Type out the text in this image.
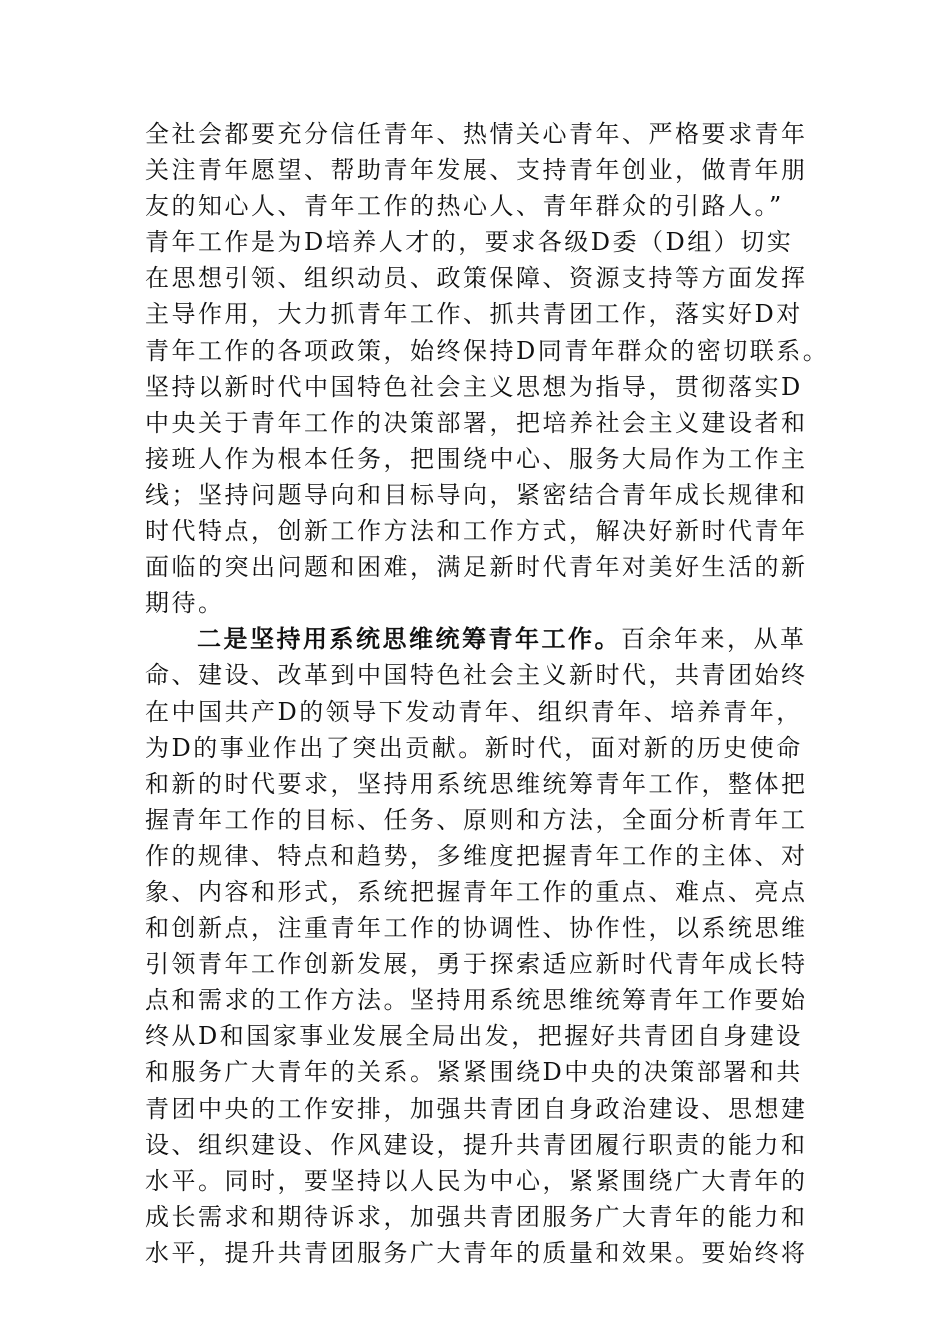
全社会都要充分信任青年、热情关心青年、严格要求青年
关注青年愿望、帮助青年发展、支持青年创业，做青年朋
友的知心人、青年工作的热心人、青年群众的引路人。”
青年工作是为D培养人才的，要求各级D委（D组）切实
在思想引领、组织动员、政策保障、资源支持等方面发挥
主导作用，大力抓青年工作、抓共青团工作，落实好D对
青年工作的各项政策，始终保持D同青年群众的密切联系。
坚持以新时代中国特色社会主义思想为指导，贯彻落实D
中央关于青年工作的决策部署，把培养社会主义建设者和
接班人作为根本任务，把围绕中心、服务大局作为工作主
线；坚持问题导向和目标导向，紧密结合青年成长规律和
时代特点，创新工作方法和工作方式，解决好新时代青年
面临的突出问题和困难，满足新时代青年对美好生活的新
期待。
二是坚持用系统思维统筹青年工作。百余年来，从革
命、建设、改革到中国特色社会主义新时代，共青团始终
在中国共产D的领导下发动青年、组织青年、培养青年，
为D的事业作出了突出贡献。新时代，面对新的历史使命
和新的时代要求，坚持用系统思维统筹青年工作，整体把
握青年工作的目标、任务、原则和方法，全面分析青年工
作的规律、特点和趋势，多维度把握青年工作的主体、对
象、内容和形式，系统把握青年工作的重点、难点、亮点
和创新点，注重青年工作的协调性、协作性，以系统思维
引领青年工作创新发展，勇于探索适应新时代青年成长特
点和需求的工作方法。坚持用系统思维统筹青年工作要始
终从D和国家事业发展全局出发，把握好共青团自身建设
和服务广大青年的关系。紧紧围绕D中央的决策部署和共
青团中央的工作安排，加强共青团自身政治建设、思想建
设、组织建设、作风建设，提升共青团履行职责的能力和
水平。同时，要坚持以人民为中心，紧紧围绕广大青年的
成长需求和期待诉求，加强共青团服务广大青年的能力和
水平，提升共青团服务广大青年的质量和效果。要始终将
